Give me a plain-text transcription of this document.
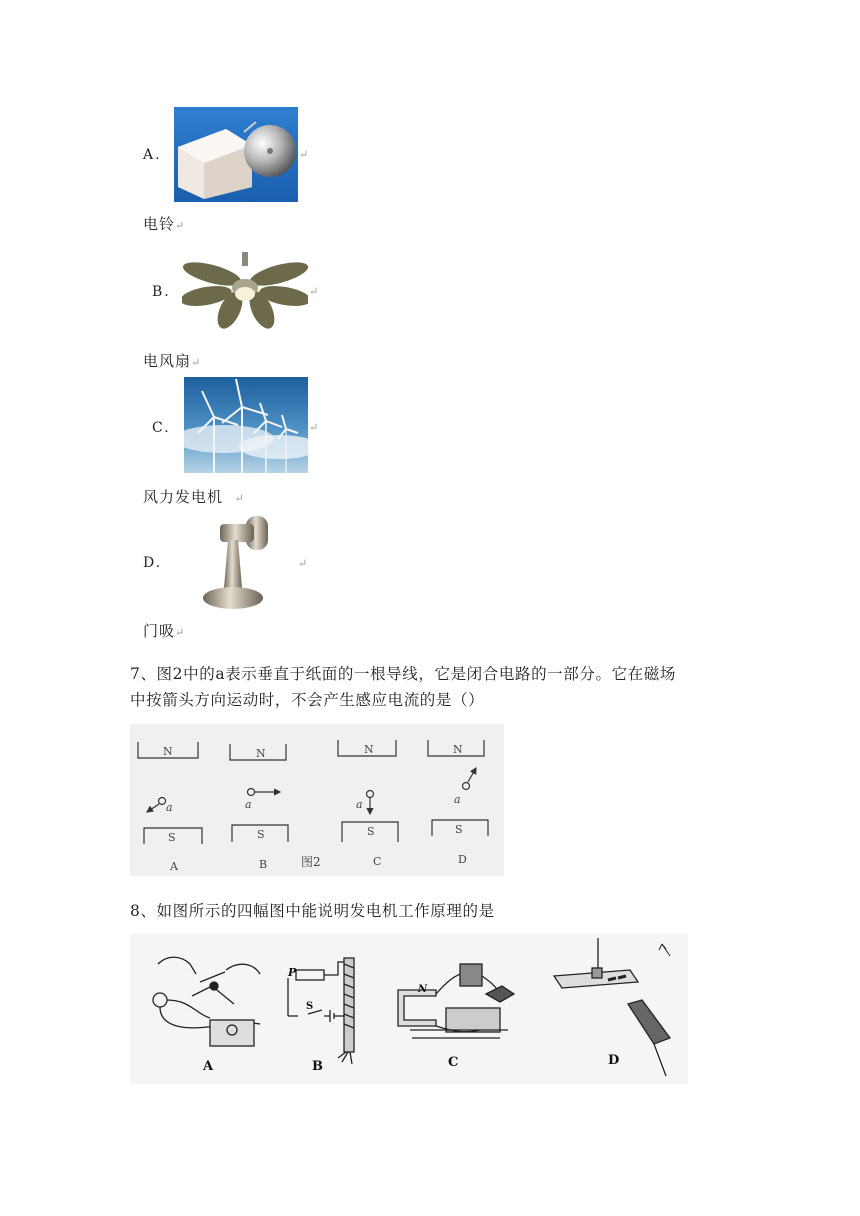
A.	↵
电铃↵

B.	↵
电风扇↵
C.	↵
风力发电机 ↵
D.	↵
门吸↵
7、图2中的a表示垂直于纸面的一根导线，它是闭合电路的一部分。它在磁场
中按箭头方向运动时，不会产生感应电流的是（）
N	N	N	N
S	S	S	S
a	a	a	a
A	B	图2	C	D
8、如图所示的四幅图中能说明发电机工作原理的是
A
P
S
B
N
C	D
